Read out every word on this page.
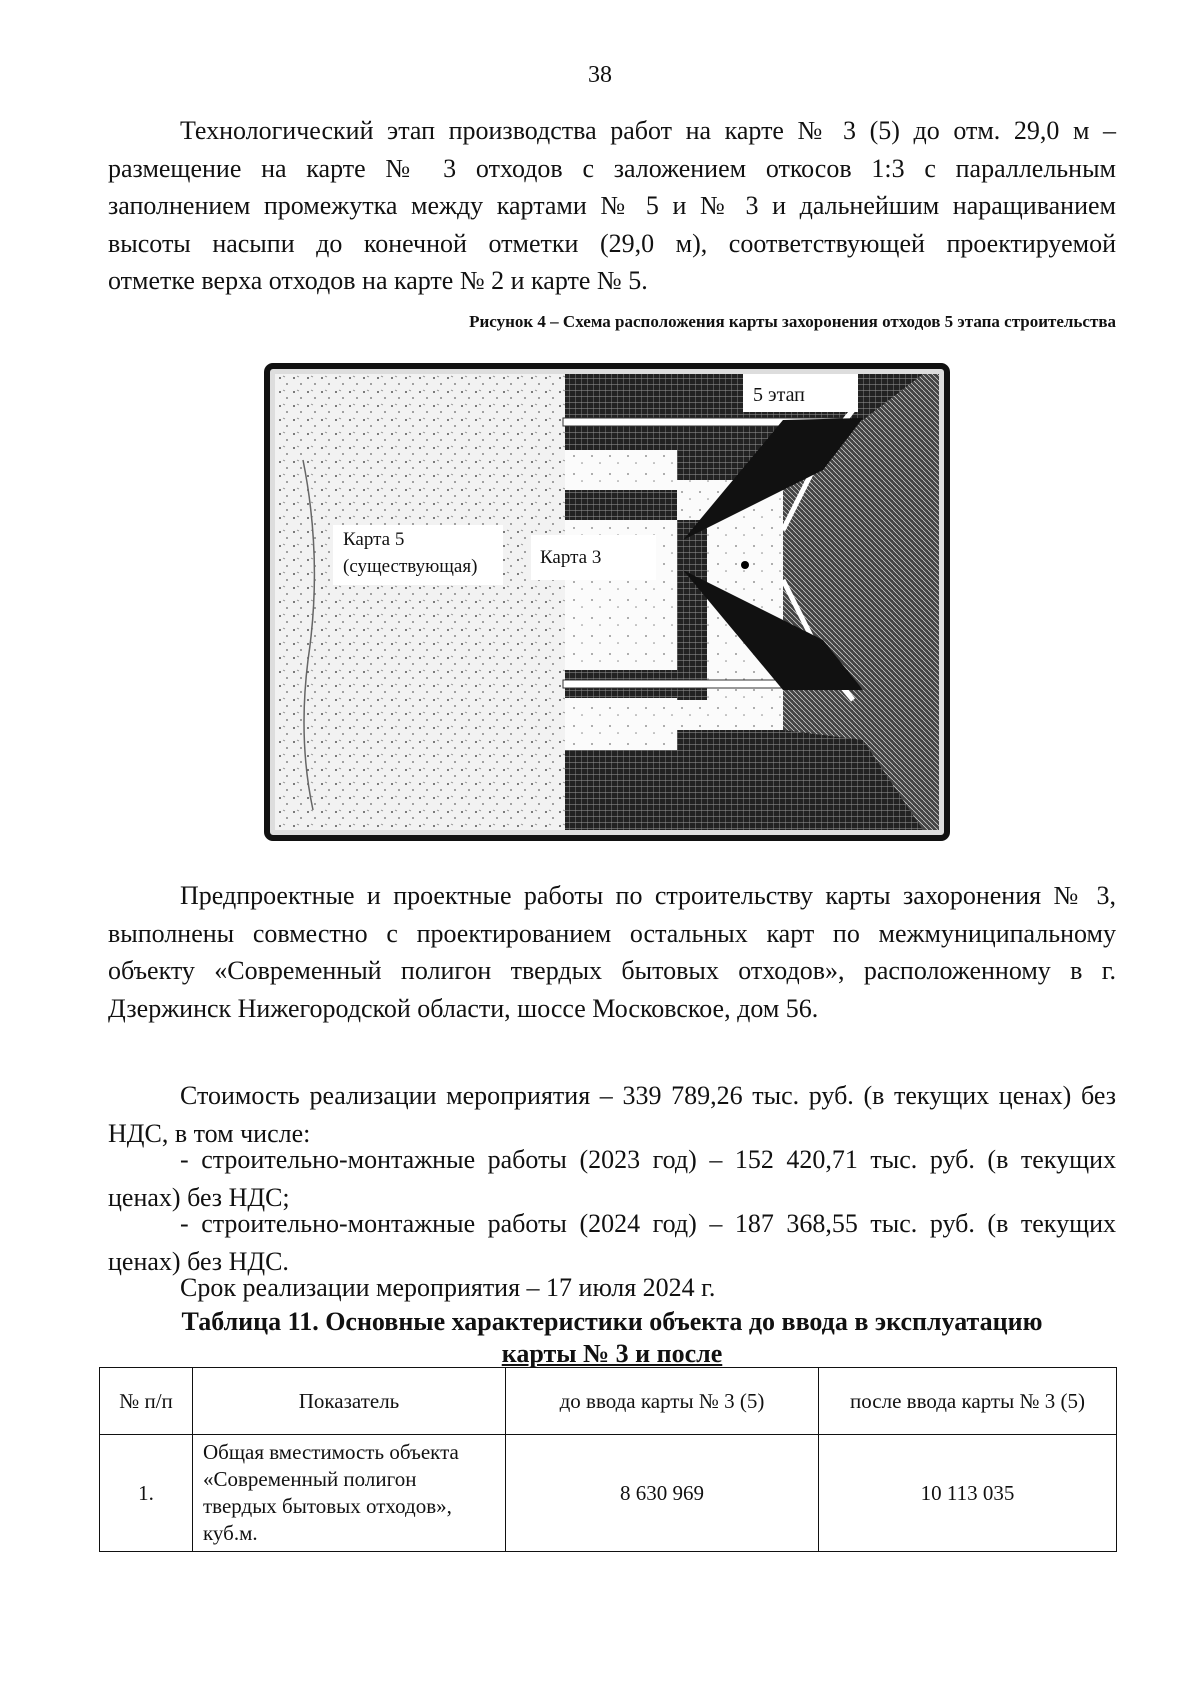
38
Технологический этап производства работ на карте № 3 (5) до отм. 29,0 м –
размещение на карте № 3 отходов с заложением откосов 1:3 с параллельным
заполнением промежутка между картами № 5 и № 3 и дальнейшим наращиванием
высоты насыпи до конечной отметки (29,0 м), соответствующей проектируемой
отметке верха отходов на карте № 2 и карте № 5.
Рисунок 4 – Схема расположения карты захоронения отходов 5 этапа строительства
5 этап
Карта 5
(существующая)	Карта 3
Предпроектные и проектные работы по строительству карты захоронения № 3, выполнены совместно с проектированием остальных карт по межмуниципальному объекту «Современный полигон твердых бытовых отходов», расположенному в г. Дзержинск Нижегородской области, шоссе Московское, дом 56.
Стоимость реализации мероприятия – 339 789,26 тыс. руб. (в текущих ценах) без НДС, в том числе:
- строительно-монтажные работы (2023 год) – 152 420,71 тыс. руб. (в текущих ценах) без НДС;
- строительно-монтажные работы (2024 год) – 187 368,55 тыс. руб. (в текущих ценах) без НДС.
Срок реализации мероприятия – 17 июля 2024 г.
Таблица 11. Основные характеристики объекта до ввода в эксплуатацию
карты № 3 и после
№ п/п	Показатель	до ввода карты № 3 (5)	после ввода карты № 3 (5)
1.	Общая вместимость объекта
«Современный полигон
твердых бытовых отходов»,
куб.м.	8 630 969	10 113 035
